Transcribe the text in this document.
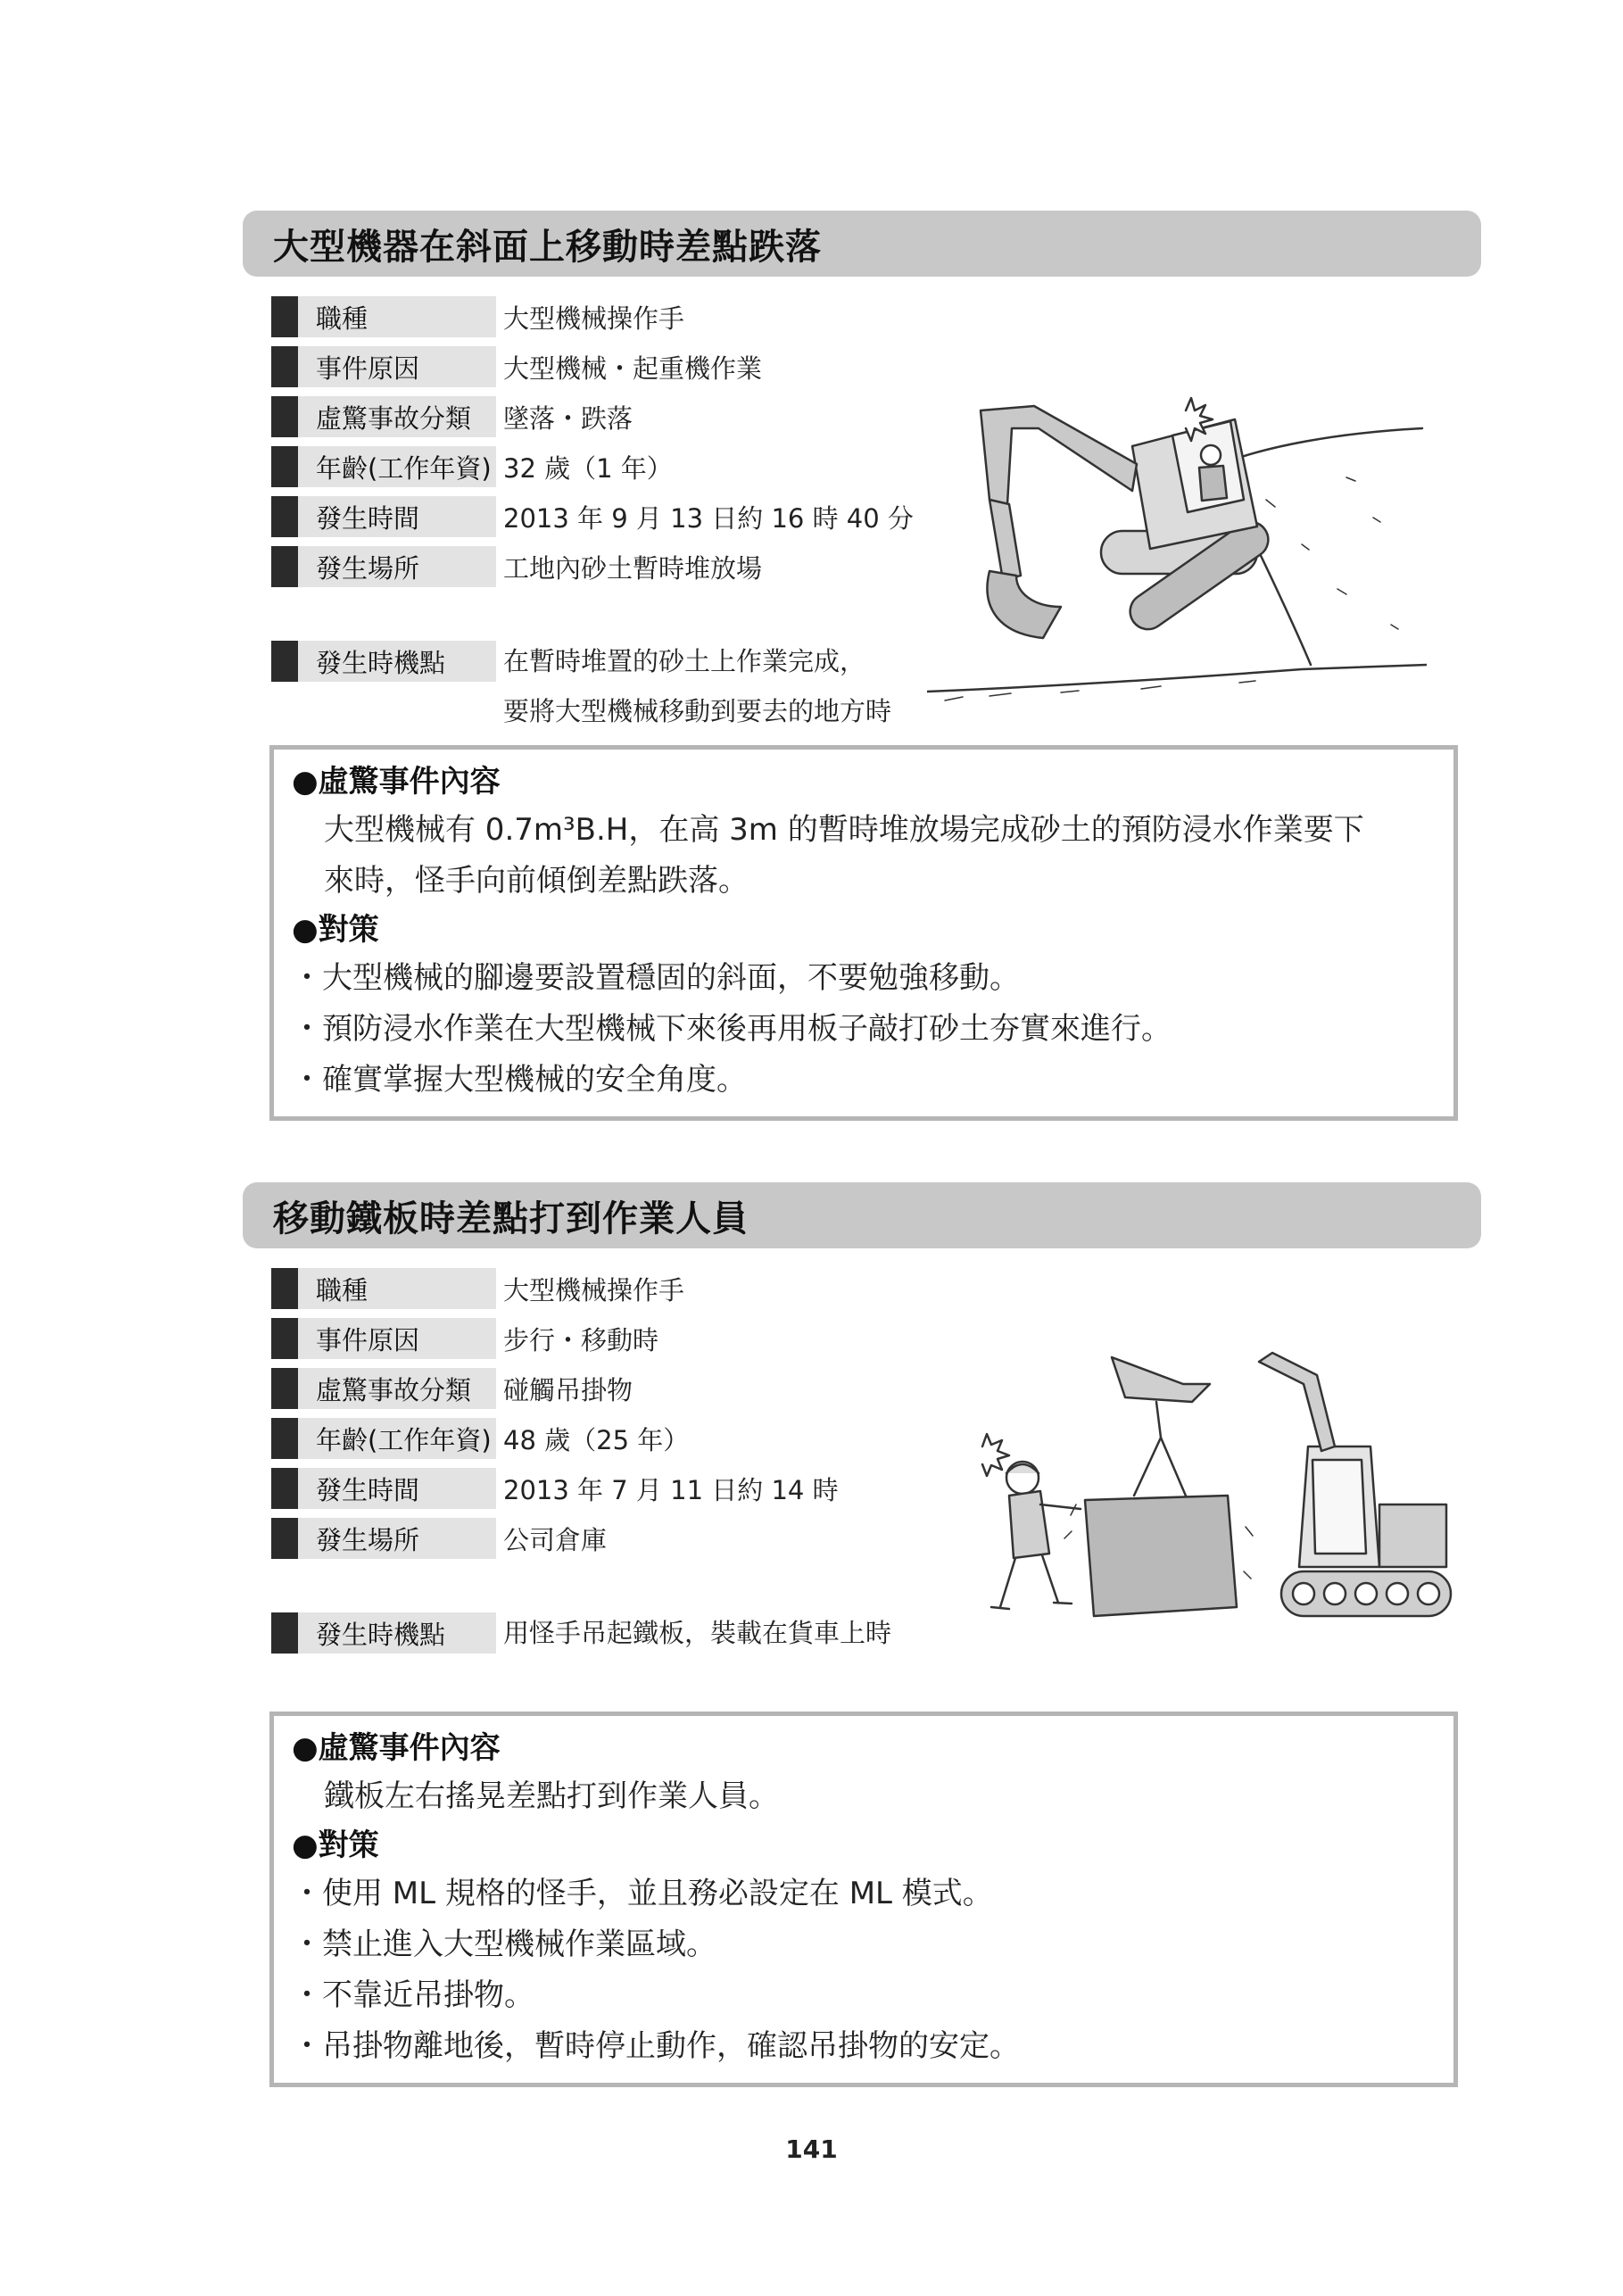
大型機器在斜面上移動時差點跌落
職種	大型機械操作手
事件原因	大型機械・起重機作業
虛驚事故分類	墜落・跌落
年齡(工作年資) 32 歲（1 年）
發生時間	2013 年 9 月 13 日約 16 時 40 分
發生場所	工地內砂土暫時堆放場
發生時機點	在暫時堆置的砂土上作業完成，
要將大型機械移動到要去的地方時
●虛驚事件內容
大型機械有 0.7m³B.H，在高 3m 的暫時堆放場完成砂土的預防浸水作業要下
來時，怪手向前傾倒差點跌落。
●對策
・大型機械的腳邊要設置穩固的斜面，不要勉強移動。
・預防浸水作業在大型機械下來後再用板子敲打砂土夯實來進行。
・確實掌握大型機械的安全角度。
移動鐵板時差點打到作業人員
職種	大型機械操作手
事件原因	步行・移動時
虛驚事故分類	碰觸吊掛物
年齡(工作年資) 48 歲（25 年）
發生時間	2013 年 7 月 11 日約 14 時
發生場所	公司倉庫
發生時機點	用怪手吊起鐵板，裝載在貨車上時
●虛驚事件內容
鐵板左右搖晃差點打到作業人員。
●對策
・使用 ML 規格的怪手，並且務必設定在 ML 模式。
・禁止進入大型機械作業區域。
・不靠近吊掛物。
・吊掛物離地後，暫時停止動作，確認吊掛物的安定。
141
